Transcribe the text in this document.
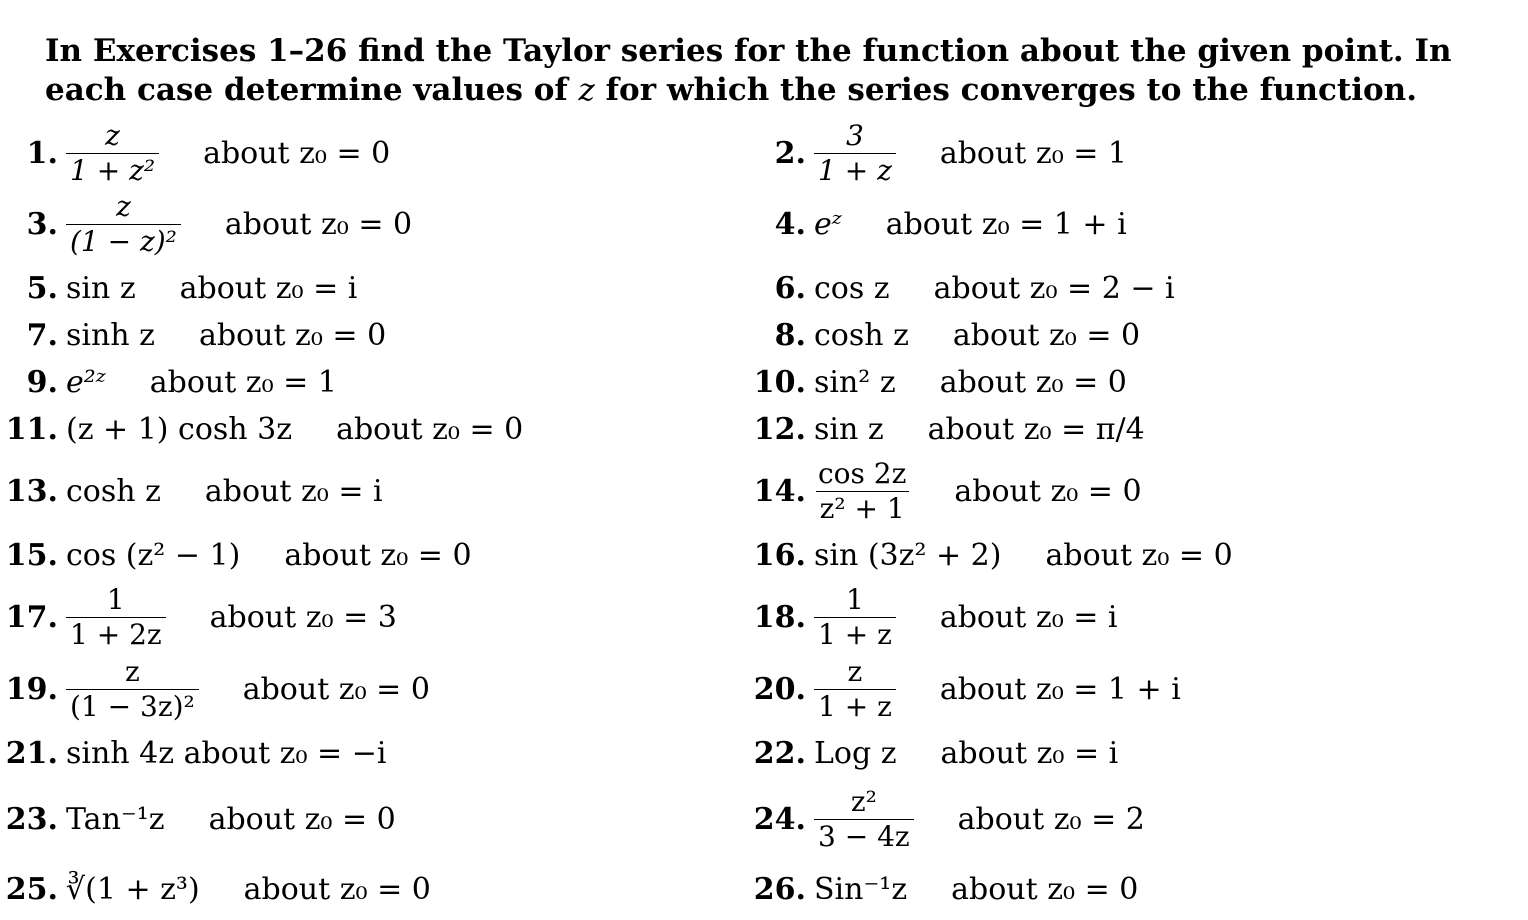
In Exercises 1–26 find the Taylor series for the function about the given point. In each case determine values of z for which the series converges to the function.
1. $\frac{z}{\text{1 + z²}}$ about z₀ = 0	2. $\frac{3}{1 + z}$ about z₀ = 1
3. $\frac{z}{\text{(1 − z)²}}$ about z₀ = 0	4. eᶻ about z₀ = 1 + i
5. sin z about z₀ = i	6. cos z about z₀ = 2 − i
7. sinh z about z₀ = 0	8. cosh z about z₀ = 0
9. e²ᶻ about z₀ = 1	10. sin² z about z₀ = 0
11. (z + 1) cosh 3z about z₀ = 0	12. sin z about z₀ = π/4
13. cosh z about z₀ = i	14. $\frac{\cos 2z}{\text{z² + 1}}$ about z₀ = 0
15. cos (z² − 1) about z₀ = 0	16. sin (3z² + 2) about z₀ = 0
17. $\frac{1}{1 + 2z}$ about z₀ = 3	18. $\frac{1}{1 + z}$ about z₀ = i
19. $\frac{z}{\text{(1 − 3z)²}}$ about z₀ = 0	20. $\frac{z}{1 + z}$ about z₀ = 1 + i
21. sinh 4z about z₀ = −i	22. Log z about z₀ = i
23. Tan⁻¹z about z₀ = 0	24. $\frac{\text{z²}}{3 - 4z}$ about z₀ = 2
25. ∛(1 + z³) about z₀ = 0	26. Sin⁻¹z about z₀ = 0
